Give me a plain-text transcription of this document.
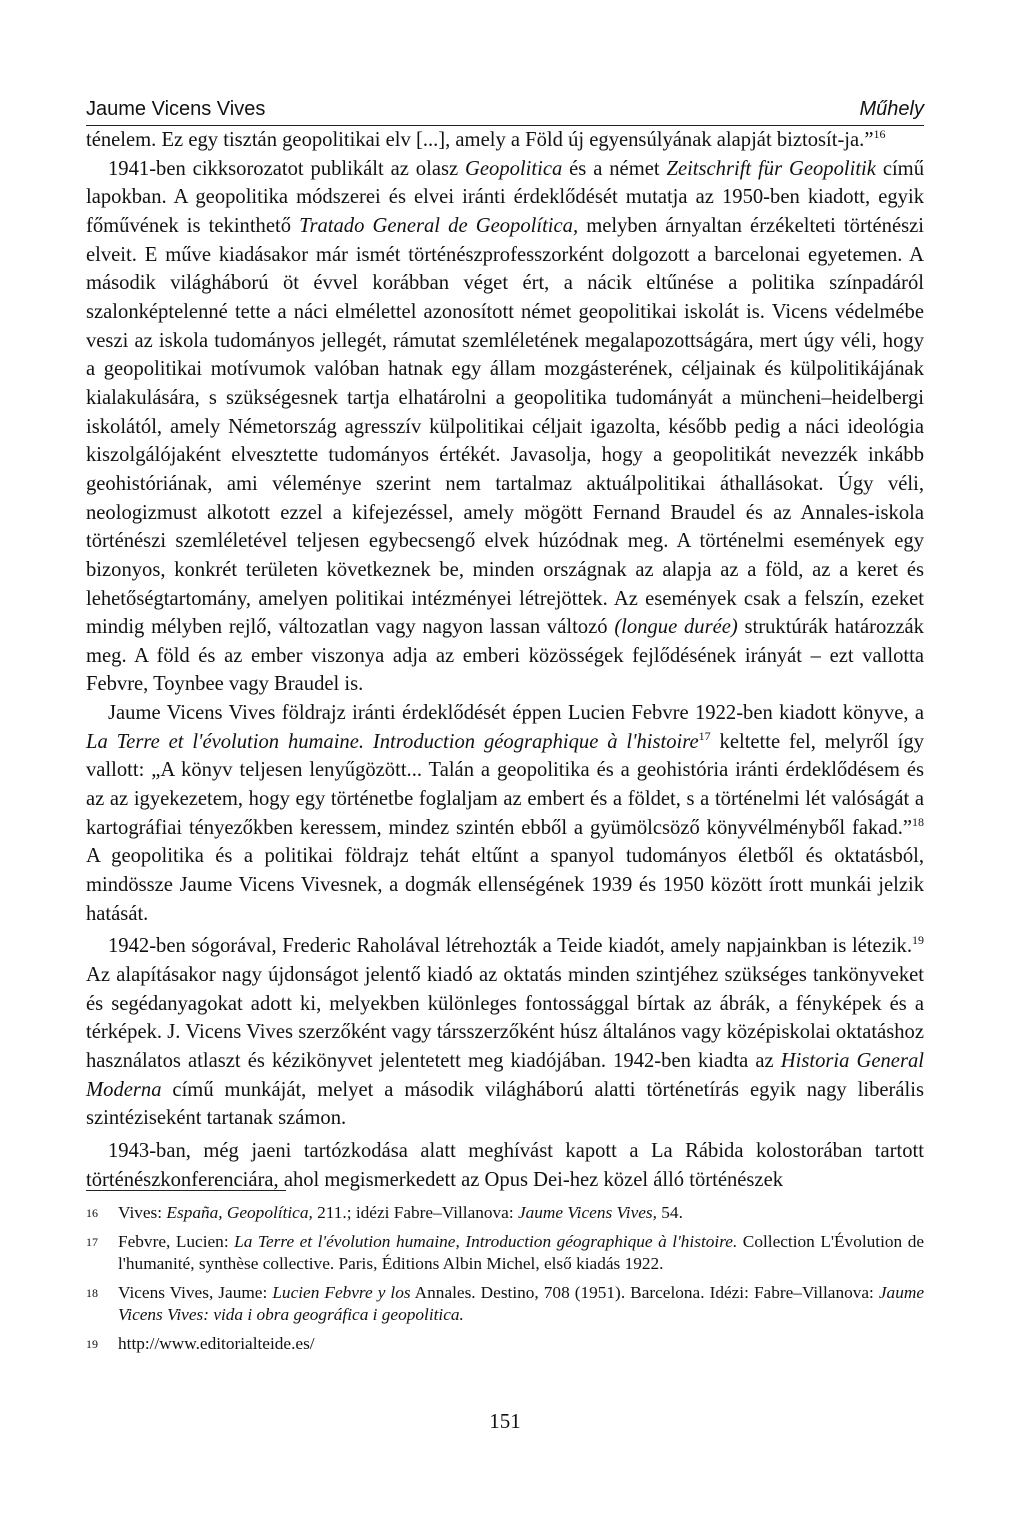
Jaume Vicens Vives	Műhely

ténelem. Ez egy tisztán geopolitikai elv [...], amely a Föld új egyensúlyának alapját biztosít-ja.”$^{16}$

1941-ben cikksorozatot publikált az olasz Geopolitica és a német Zeitschrift für Geopolitik című lapokban. A geopolitika módszerei és elvei iránti érdeklődését mutatja az 1950-ben kiadott, egyik főművének is tekinthető Tratado General de Geopolítica, melyben árnyaltan érzékelteti történészi elveit. E műve kiadásakor már ismét történészprofesszorként dolgozott a barcelonai egyetemen. A második világháború öt évvel korábban véget ért, a nácik eltűnése a politika színpadáról szalonképtelenné tette a náci elmélettel azonosított német geopolitikai iskolát is. Vicens védelmébe veszi az iskola tudományos jellegét, rámutat szemléletének megalapozottságára, mert úgy véli, hogy a geopolitikai motívumok valóban hatnak egy állam mozgásterének, céljainak és külpolitikájának kialakulására, s szükségesnek tartja elhatárolni a geopolitika tudományát a müncheni–heidelbergi iskolától, amely Németország agresszív külpolitikai céljait igazolta, később pedig a náci ideológia kiszolgálójaként elvesztette tudományos értékét. Javasolja, hogy a geopolitikát nevezzék inkább geohistóriának, ami véleménye szerint nem tartalmaz aktuálpolitikai áthallásokat. Úgy véli, neologizmust alkotott ezzel a kifejezéssel, amely mögött Fernand Braudel és az Annales-iskola történészi szemléletével teljesen egybecsengő elvek húzódnak meg. A történelmi események egy bizonyos, konkrét területen következnek be, minden országnak az alapja az a föld, az a keret és lehetőségtartomány, amelyen politikai intézményei létrejöttek. Az események csak a felszín, ezeket mindig mélyben rejlő, változatlan vagy nagyon lassan változó (longue durée) struktúrák határozzák meg. A föld és az ember viszonya adja az emberi közösségek fejlődésének irányát – ezt vallotta Febvre, Toynbee vagy Braudel is.

Jaume Vicens Vives földrajz iránti érdeklődését éppen Lucien Febvre 1922-ben kiadott könyve, a La Terre et l'évolution humaine. Introduction géographique à l'histoire$^{17}$ keltette fel, melyről így vallott: „A könyv teljesen lenyűgözött... Talán a geopolitika és a geohistória iránti érdeklődésem és az az igyekezetem, hogy egy történetbe foglaljam az embert és a földet, s a történelmi lét valóságát a kartográfiai tényezőkben keressem, mindez szintén ebből a gyümölcsöző könyvélményből fakad.”$^{18}$ A geopolitika és a politikai földrajz tehát eltűnt a spanyol tudományos életből és oktatásból, mindössze Jaume Vicens Vivesnek, a dogmák ellenségének 1939 és 1950 között írott munkái jelzik hatását.

1942-ben sógorával, Frederic Raholával létrehozták a Teide kiadót, amely napjainkban is létezik.$^{19}$ Az alapításakor nagy újdonságot jelentő kiadó az oktatás minden szintjéhez szükséges tankönyveket és segédanyagokat adott ki, melyekben különleges fontossággal bírtak az ábrák, a fényképek és a térképek. J. Vicens Vives szerzőként vagy társszerzőként húsz általános vagy középiskolai oktatáshoz használatos atlaszt és kézikönyvet jelentetett meg kiadójában. 1942-ben kiadta az Historia General Moderna című munkáját, melyet a második világháború alatti történetírás egyik nagy liberális szintéziseként tartanak számon.

1943-ban, még jaeni tartózkodása alatt meghívást kapott a La Rábida kolostorában tartott történészkonferenciára, ahol megismerkedett az Opus Dei-hez közel álló történészek

16	Vives: España, Geopolítica, 211.; idézi Fabre–Villanova: Jaume Vicens Vives, 54.
17	Febvre, Lucien: La Terre et l'évolution humaine, Introduction géographique à l'histoire. Collection L'Évolution de l'humanité, synthèse collective. Paris, Éditions Albin Michel, első kiadás 1922.
18	Vicens Vives, Jaume: Lucien Febvre y los Annales. Destino, 708 (1951). Barcelona. Idézi: Fabre–Villanova: Jaume Vicens Vives: vida i obra geográfica i geopolitica.
19	http://www.editorialteide.es/
151
